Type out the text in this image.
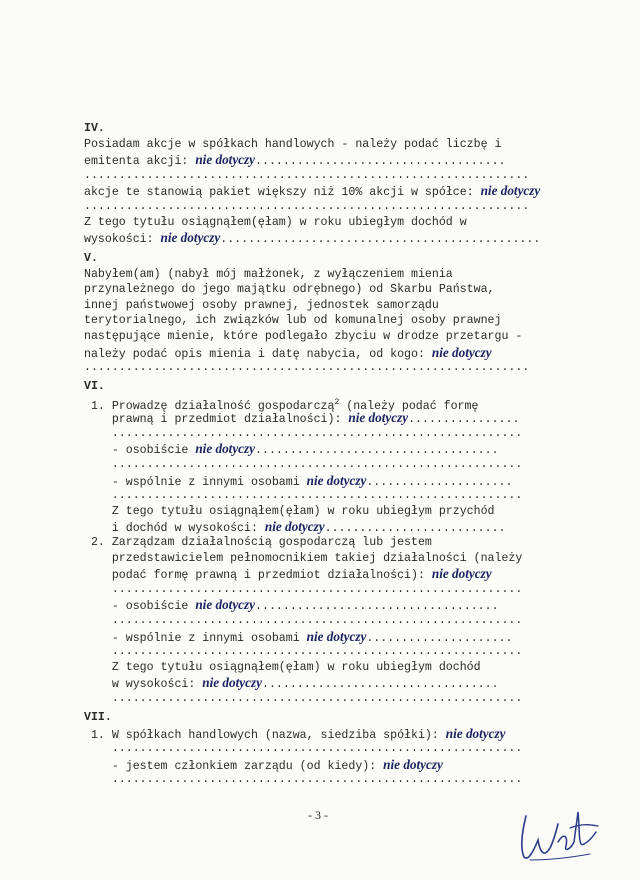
IV.
Posiadam akcje w spółkach handlowych - należy podać liczbę i
emitenta akcji: nie dotyczy....................................
................................................................
akcje te stanowią pakiet większy niż 10% akcji w spółce: nie dotyczy
................................................................
Z tego tytułu osiągnąłem(ęłam) w roku ubiegłym dochód w
wysokości: nie dotyczy..............................................
V.
Nabyłem(am) (nabył mój małżonek, z wyłączeniem mienia
przynależnego do jego majątku odrębnego) od Skarbu Państwa,
innej państwowej osoby prawnej, jednostek samorządu
terytorialnego, ich związków lub od komunalnej osoby prawnej
następujące mienie, które podlegało zbyciu w drodze przetargu -
należy podać opis mienia i datę nabycia, od kogo: nie dotyczy
................................................................
VI.
1. Prowadzę działalność gospodarczą$^2$ (należy podać formę
prawną i przedmiot działalności): nie dotyczy................
...........................................................
- osobiście nie dotyczy...................................
...........................................................
- wspólnie z innymi osobami nie dotyczy.....................
...........................................................
Z tego tytułu osiągnąłem(ęłam) w roku ubiegłym przychód
i dochód w wysokości: nie dotyczy..........................
2. Zarządzam działalnością gospodarczą lub jestem
przedstawicielem pełnomocnikiem takiej działalności (należy
podać formę prawną i przedmiot działalności): nie dotyczy
...........................................................
- osobiście nie dotyczy...................................
...........................................................
- wspólnie z innymi osobami nie dotyczy.....................
...........................................................
Z tego tytułu osiągnąłem(ęłam) w roku ubiegłym dochód
w wysokości: nie dotyczy..................................
...........................................................
VII.
1. W spółkach handlowych (nazwa, siedziba spółki): nie dotyczy
...........................................................
- jestem członkiem zarządu (od kiedy): nie dotyczy
...........................................................
- 3 -
